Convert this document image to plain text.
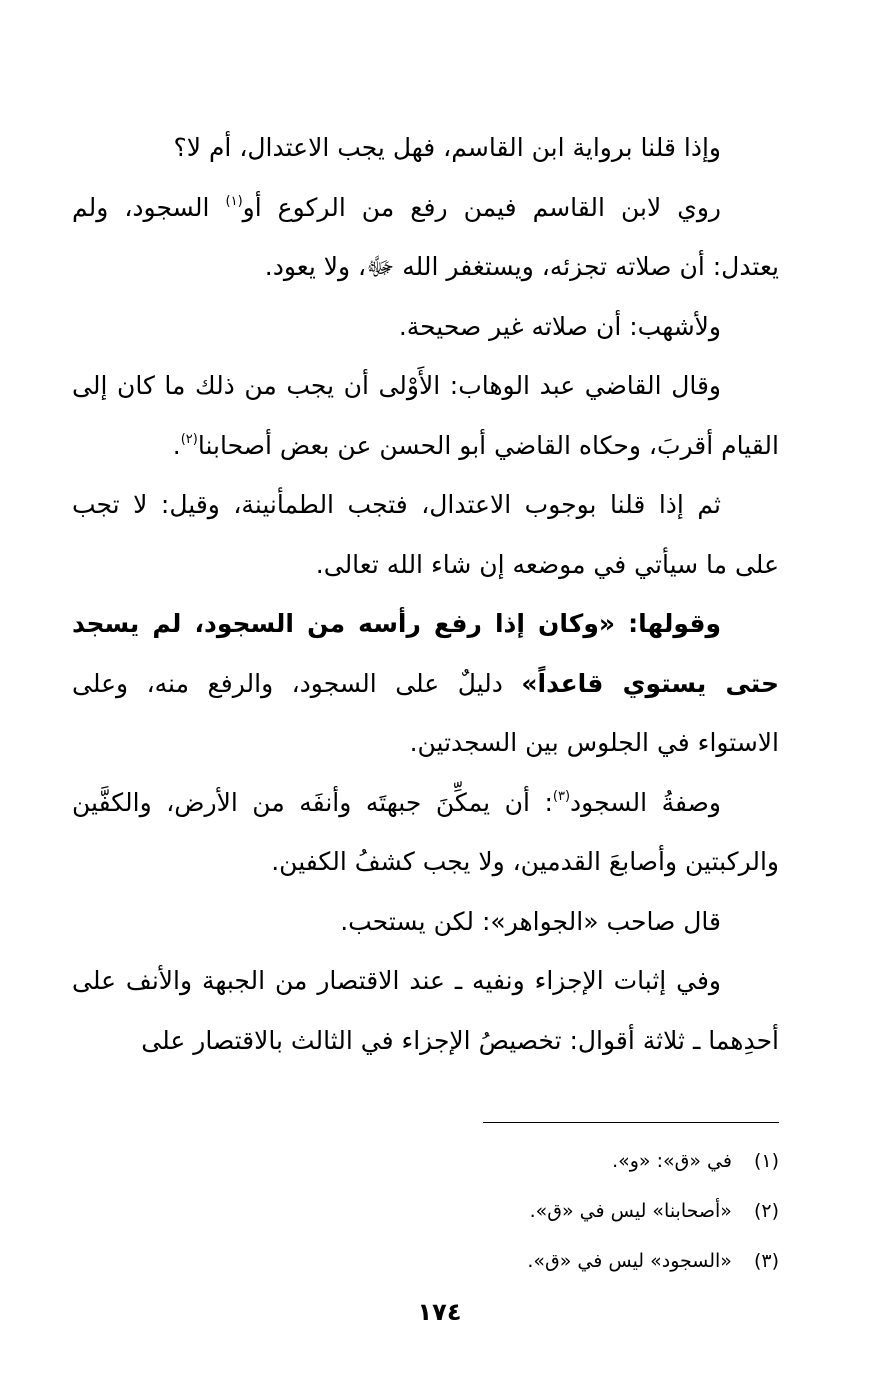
وإذا قلنا برواية ابن القاسم، فهل يجب الاعتدال، أم لا؟

روي لابن القاسم فيمن رفع من الركوع أو$^{(١)}$ السجود، ولم يعتدل: أن صلاته تجزئه، ويستغفر الله ﷻ، ولا يعود.

ولأشهب: أن صلاته غير صحيحة.

وقال القاضي عبد الوهاب: الأَوْلى أن يجب من ذلك ما كان إلى القيام أقربَ، وحكاه القاضي أبو الحسن عن بعض أصحابنا$^{(٢)}$.

ثم إذا قلنا بوجوب الاعتدال، فتجب الطمأنينة، وقيل: لا تجب على ما سيأتي في موضعه إن شاء الله تعالى.

وقولها: «وكان إذا رفع رأسه من السجود، لم يسجد حتى يستوي قاعداً» دليلٌ على السجود، والرفع منه، وعلى الاستواء في الجلوس بين السجدتين.

وصفةُ السجود$^{(٣)}$: أن يمكِّنَ جبهتَه وأنفَه من الأرض، والكفَّين والركبتين وأصابعَ القدمين، ولا يجب كشفُ الكفين.

قال صاحب «الجواهر»: لكن يستحب.

وفي إثبات الإجزاء ونفيه ـ عند الاقتصار من الجبهة والأنف على أحدِهما ـ ثلاثة أقوال: تخصيصُ الإجزاء في الثالث بالاقتصار على

(١)
في «ق»: «و».
(٢)
«أصحابنا» ليس في «ق».
(٣)
«السجود» ليس في «ق».
١٧٤
